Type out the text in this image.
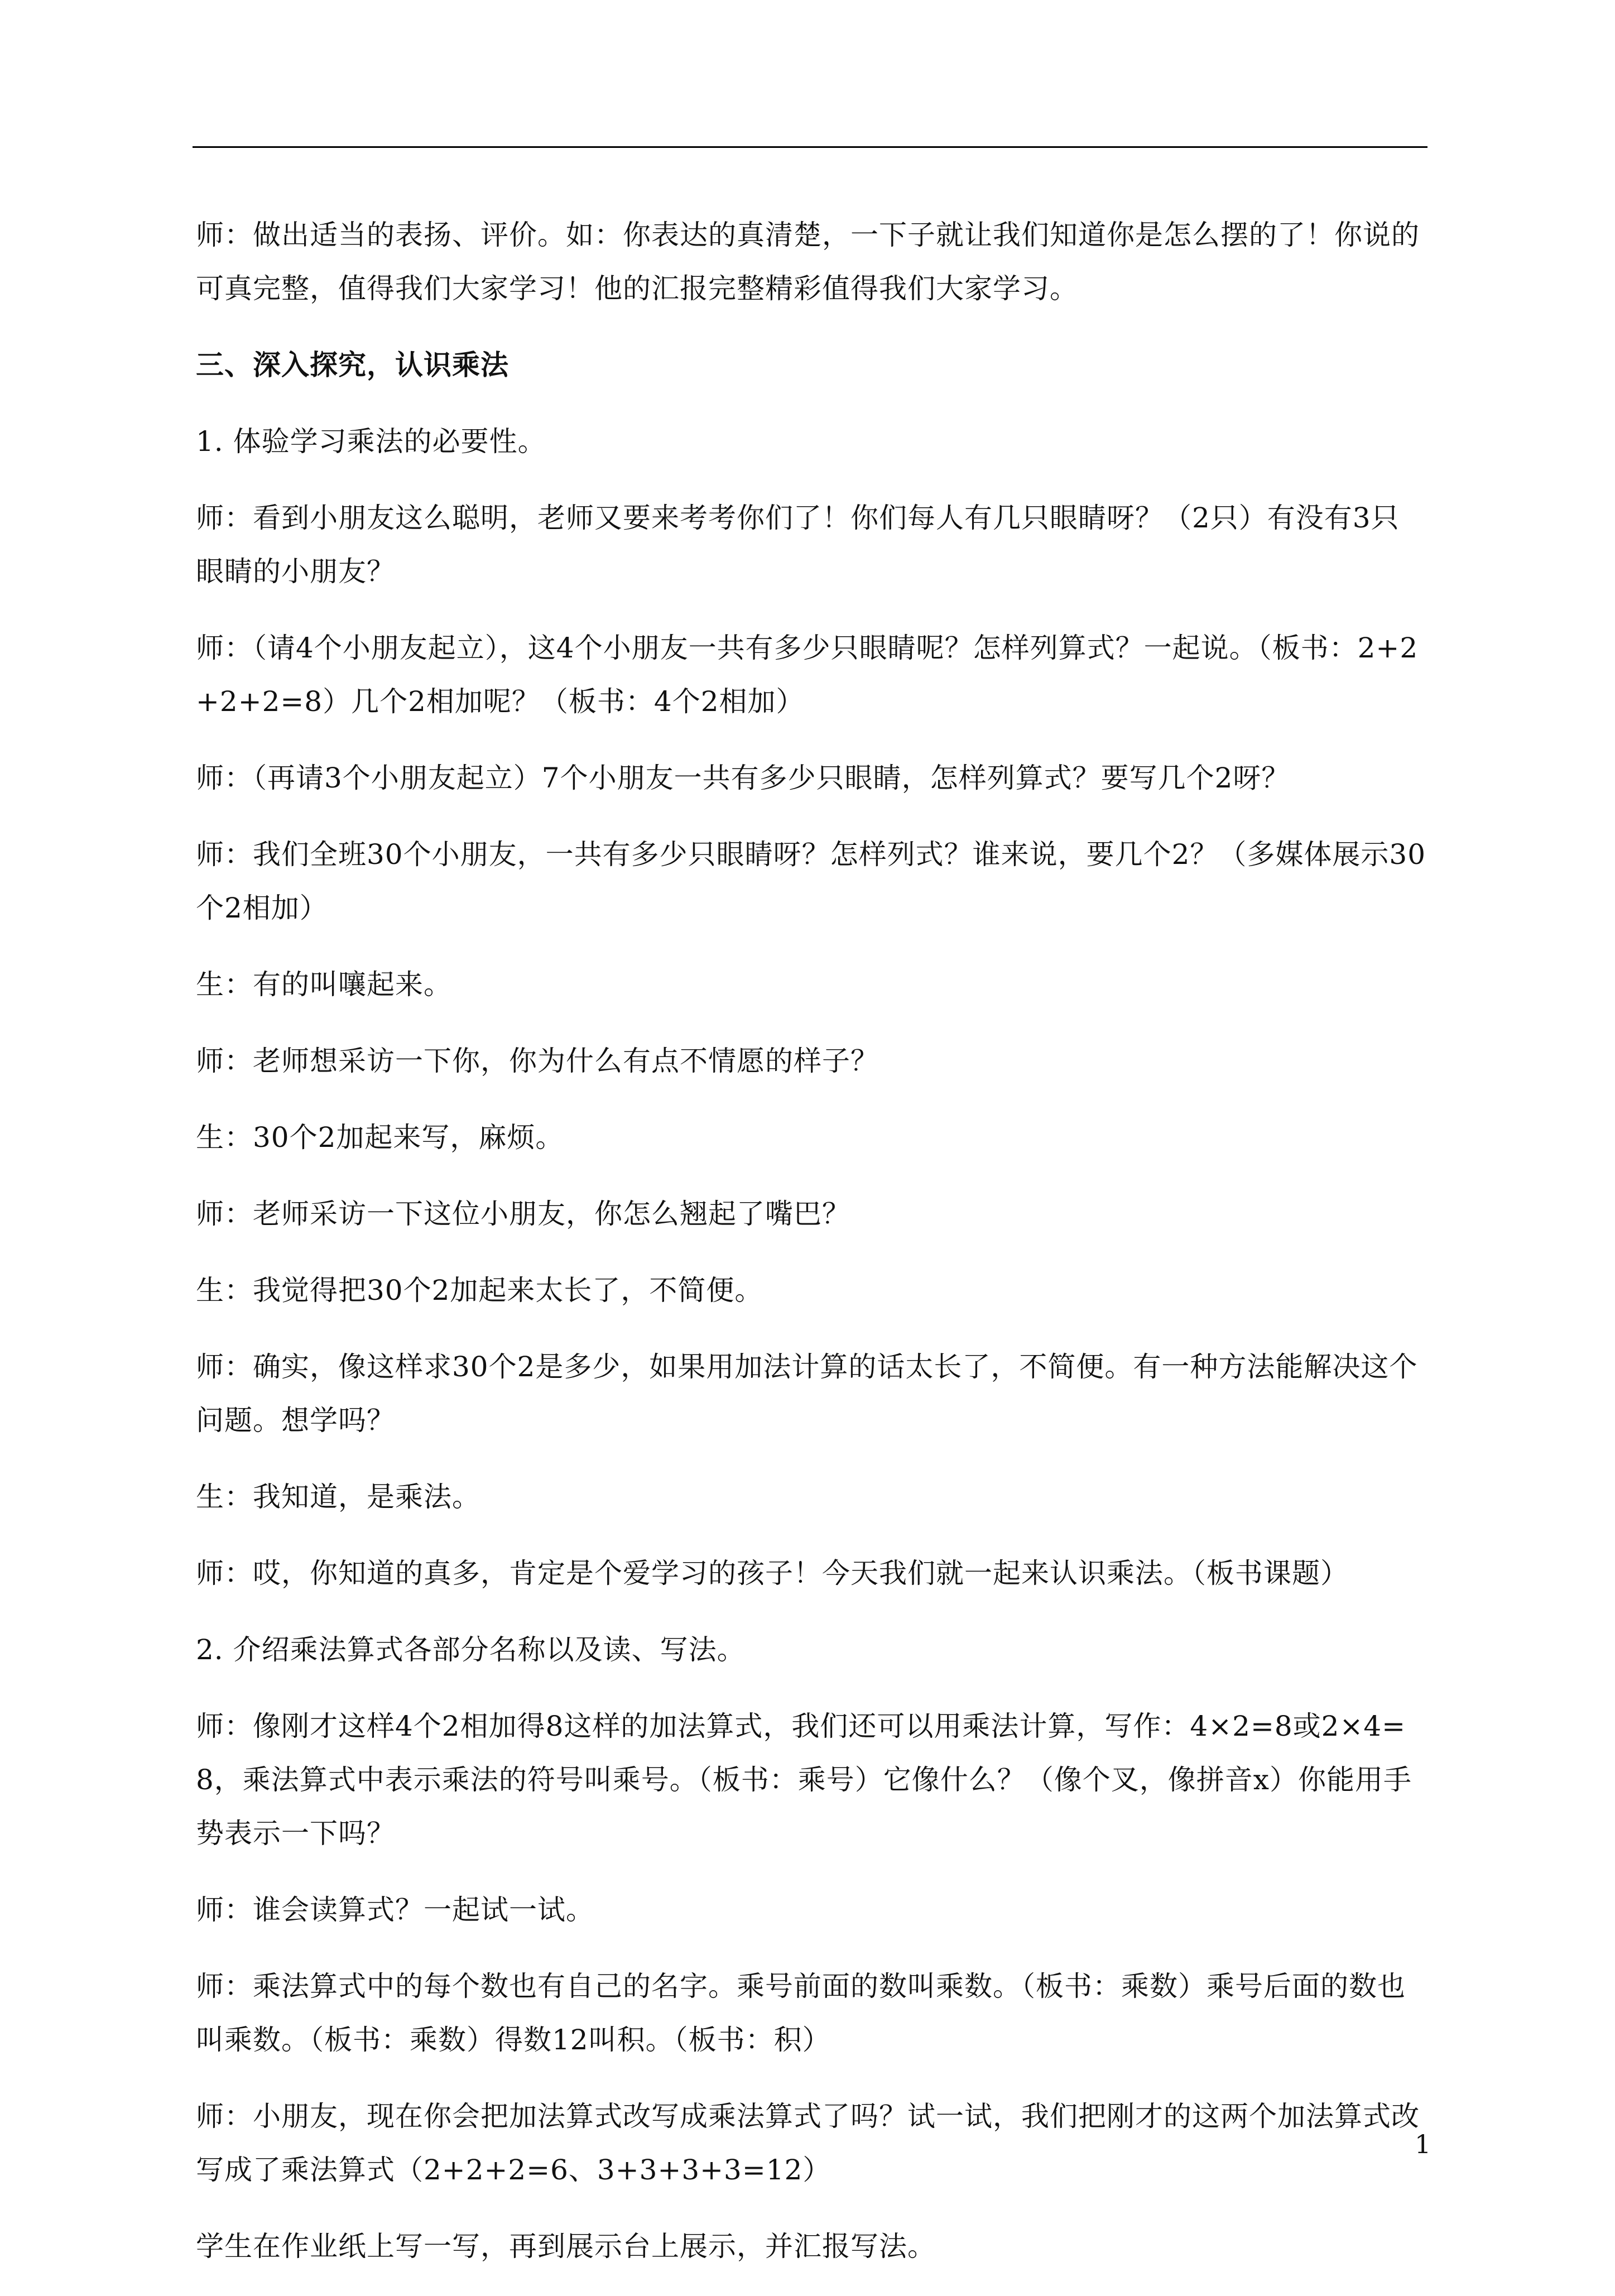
师：做出适当的表扬、评价。如：你表达的真清楚，一下子就让我们知道你是怎么摆的了！你说的可真完整，值得我们大家学习！他的汇报完整精彩值得我们大家学习。

三、深入探究，认识乘法

1. 体验学习乘法的必要性。

师：看到小朋友这么聪明，老师又要来考考你们了！你们每人有几只眼睛呀？（2只）有没有3只眼睛的小朋友？

师：（请4个小朋友起立），这4个小朋友一共有多少只眼睛呢？怎样列算式？一起说。（板书：2+2+2+2=8）几个2相加呢？（板书：4个2相加）

师：（再请3个小朋友起立）7个小朋友一共有多少只眼睛，怎样列算式？要写几个2呀？

师：我们全班30个小朋友，一共有多少只眼睛呀？怎样列式？谁来说，要几个2？（多媒体展示30个2相加）

生：有的叫嚷起来。

师：老师想采访一下你，你为什么有点不情愿的样子？

生：30个2加起来写，麻烦。

师：老师采访一下这位小朋友，你怎么翘起了嘴巴？

生：我觉得把30个2加起来太长了，不简便。

师：确实，像这样求30个2是多少，如果用加法计算的话太长了，不简便。有一种方法能解决这个问题。想学吗？

生：我知道，是乘法。

师：哎，你知道的真多，肯定是个爱学习的孩子！今天我们就一起来认识乘法。（板书课题）

2. 介绍乘法算式各部分名称以及读、写法。

师：像刚才这样4个2相加得8这样的加法算式，我们还可以用乘法计算，写作：4×2=8或2×4=8，乘法算式中表示乘法的符号叫乘号。（板书：乘号）它像什么？（像个叉，像拼音x）你能用手势表示一下吗？

师：谁会读算式？一起试一试。

师：乘法算式中的每个数也有自己的名字。乘号前面的数叫乘数。（板书：乘数）乘号后面的数也叫乘数。（板书：乘数）得数12叫积。（板书：积）

师：小朋友，现在你会把加法算式改写成乘法算式了吗？试一试，我们把刚才的这两个加法算式改写成了乘法算式（2+2+2=6、3+3+3+3=12）

学生在作业纸上写一写，再到展示台上展示，并汇报写法。

1
